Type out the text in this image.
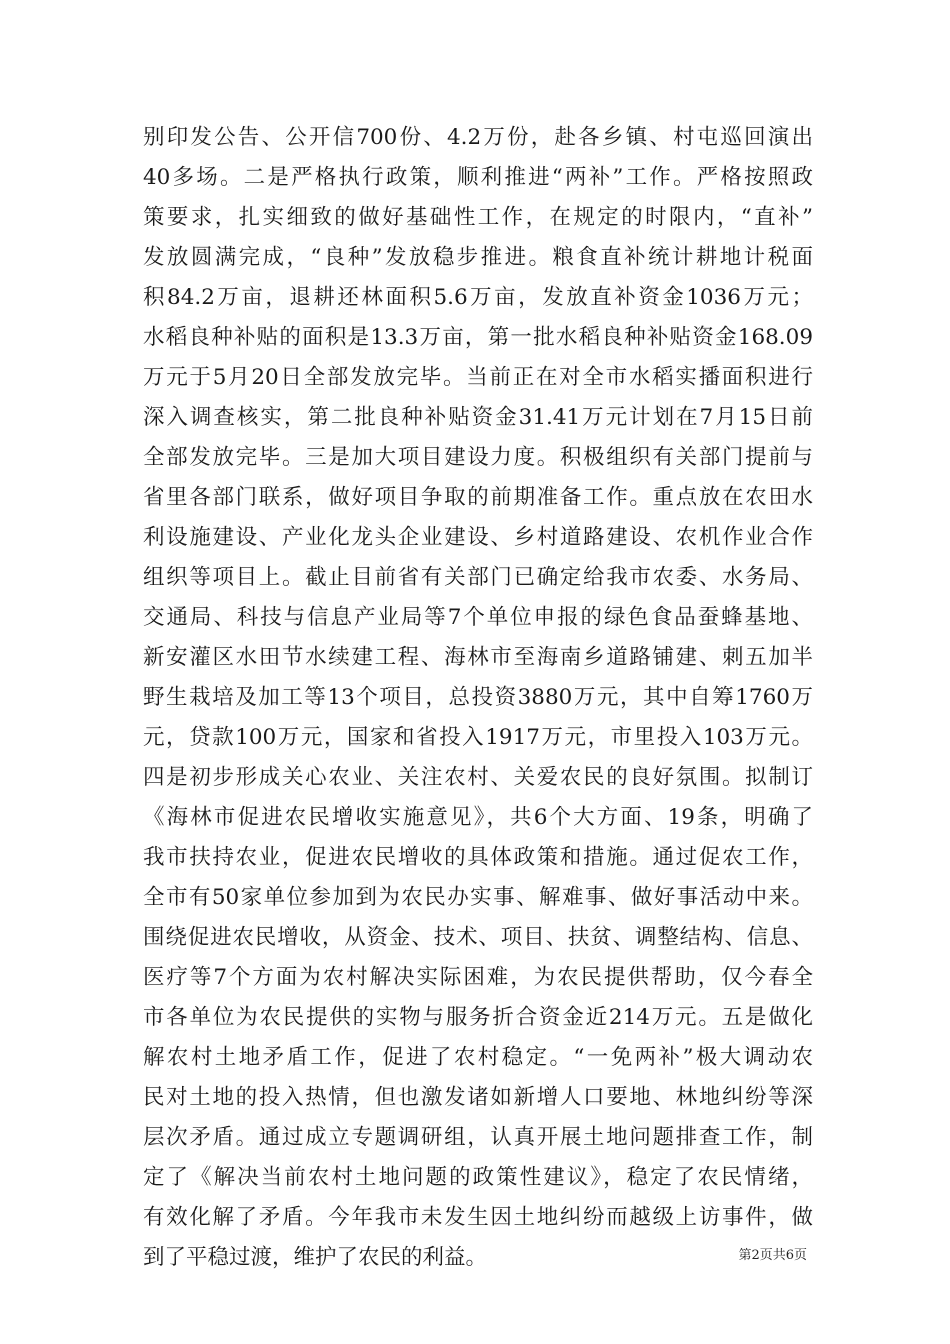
别印发公告、公开信700份、4.2万份，赴各乡镇、村屯巡回演出
40多场。二是严格执行政策，顺利推进“两补”工作。严格按照政
策要求，扎实细致的做好基础性工作，在规定的时限内，“直补”
发放圆满完成，“良种”发放稳步推进。粮食直补统计耕地计税面
积84.2万亩，退耕还林面积5.6万亩，发放直补资金1036万元；
水稻良种补贴的面积是13.3万亩，第一批水稻良种补贴资金168.09
万元于5月20日全部发放完毕。当前正在对全市水稻实播面积进行
深入调查核实，第二批良种补贴资金31.41万元计划在7月15日前
全部发放完毕。三是加大项目建设力度。积极组织有关部门提前与
省里各部门联系，做好项目争取的前期准备工作。重点放在农田水
利设施建设、产业化龙头企业建设、乡村道路建设、农机作业合作
组织等项目上。截止目前省有关部门已确定给我市农委、水务局、
交通局、科技与信息产业局等7个单位申报的绿色食品蚕蜂基地、
新安灌区水田节水续建工程、海林市至海南乡道路铺建、刺五加半
野生栽培及加工等13个项目，总投资3880万元，其中自筹1760万
元，贷款100万元，国家和省投入1917万元，市里投入103万元。
四是初步形成关心农业、关注农村、关爱农民的良好氛围。拟制订
《海林市促进农民增收实施意见》，共6个大方面、19条，明确了
我市扶持农业，促进农民增收的具体政策和措施。通过促农工作，
全市有50家单位参加到为农民办实事、解难事、做好事活动中来。
围绕促进农民增收，从资金、技术、项目、扶贫、调整结构、信息、
医疗等7个方面为农村解决实际困难，为农民提供帮助，仅今春全
市各单位为农民提供的实物与服务折合资金近214万元。五是做化
解农村土地矛盾工作，促进了农村稳定。“一免两补”极大调动农
民对土地的投入热情，但也激发诸如新增人口要地、林地纠纷等深
层次矛盾。通过成立专题调研组，认真开展土地问题排查工作，制
定了《解决当前农村土地问题的政策性建议》，稳定了农民情绪，
有效化解了矛盾。今年我市未发生因土地纠纷而越级上访事件，做
到了平稳过渡，维护了农民的利益。	第2页共6页
